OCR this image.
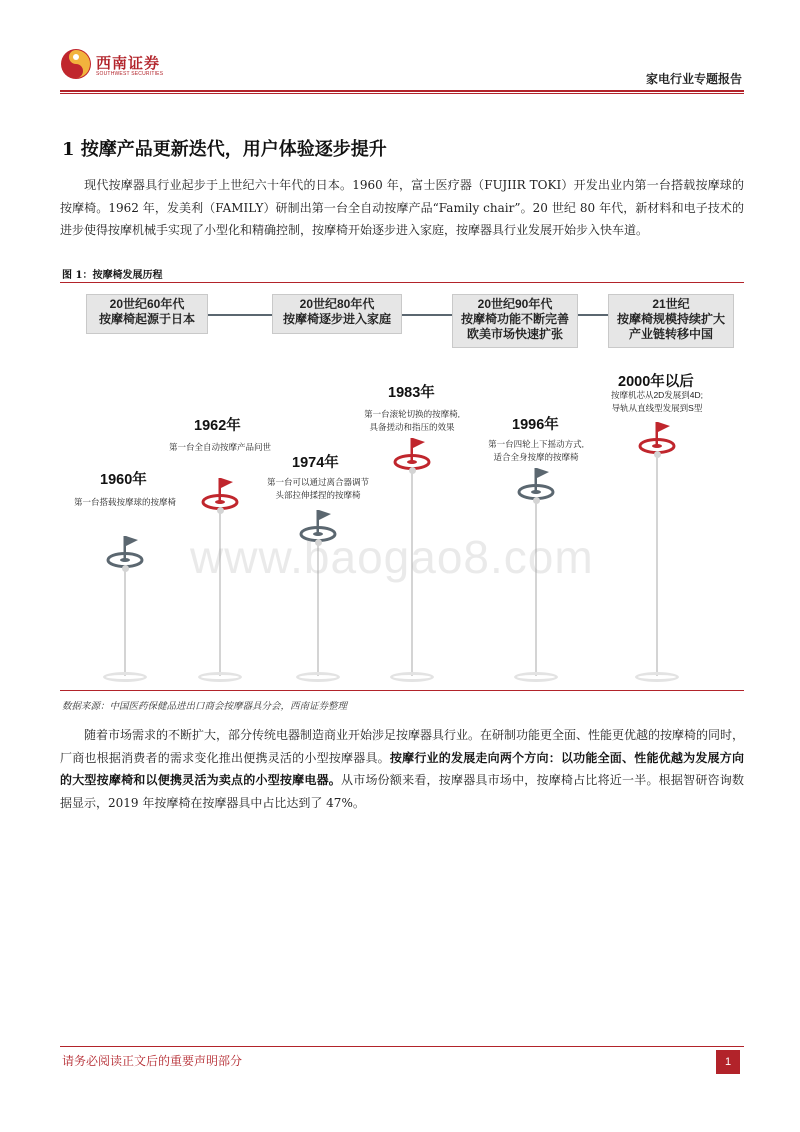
西南证券
SOUTHWEST SECURITIES	家电行业专题报告
1 按摩产品更新迭代，用户体验逐步提升
现代按摩器具行业起步于上世纪六十年代的日本。1960 年，富士医疗器（FUJIIR TOKI）开发出业内第一台搭载按摩球的按摩椅。1962 年，发美利（FAMILY）研制出第一台全自动按摩产品“Family chair”。20 世纪 80 年代，新材料和电子技术的进步使得按摩机械手实现了小型化和精确控制，按摩椅开始逐步进入家庭，按摩器具行业发展开始步入快车道。
图 1：按摩椅发展历程
20世纪60年代
按摩椅起源于日本
20世纪80年代
按摩椅逐步进入家庭
20世纪90年代
按摩椅功能不断完善
欧美市场快速扩张
21世纪
按摩椅规模持续扩大
产业链转移中国
1960年
第一台搭载按摩球的按摩椅
1962年
第一台全自动按摩产品问世
1974年
第一台可以通过离合器调节
头部拉伸揉捏的按摩椅
1983年
第一台滚轮切换的按摩椅,
具备搓动和指压的效果	1996年
第一台四轮上下摇动方式,
适合全身按摩的按摩椅
2000年以后
按摩机芯从2D发展到4D;
导轨从直线型发展到S型
www.baogao8.com
数据来源：中国医药保健品进出口商会按摩器具分会，西南证券整理
随着市场需求的不断扩大，部分传统电器制造商业开始涉足按摩器具行业。在研制功能更全面、性能更优越的按摩椅的同时，厂商也根据消费者的需求变化推出便携灵活的小型按摩器具。按摩行业的发展走向两个方向：以功能全面、性能优越为发展方向的大型按摩椅和以便携灵活为卖点的小型按摩电器。从市场份额来看，按摩器具市场中，按摩椅占比将近一半。根据智研咨询数据显示，2019 年按摩椅在按摩器具中占比达到了 47%。
请务必阅读正文后的重要声明部分	1
